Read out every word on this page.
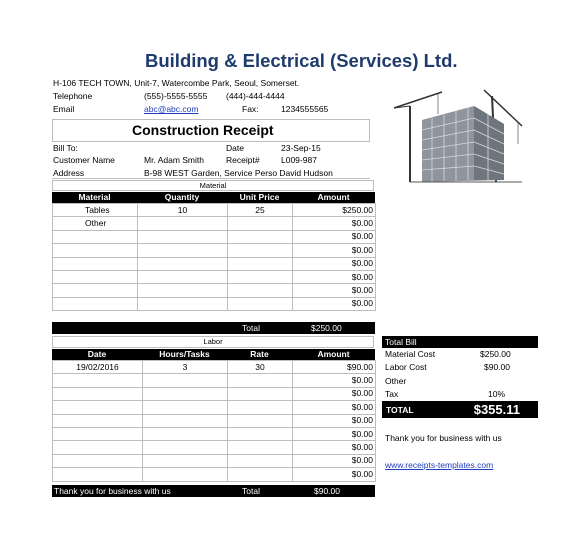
Building & Electrical (Services) Ltd.
H-106 TECH TOWN, Unit-7, Watercombe Park, Seoul, Somerset.
Telephone	(555)-5555-5555 (444)-444-4444
Email	abc@abc.com	Fax:	1234555565
Construction Receipt
Bill To:	Date	23-Sep-15
Customer Name	Mr. Adam Smith	Receipt#	L009-987
Address	B-98 WEST Garden, Service Perso David Hudson
Material
Material	Quantity	Unit Price	Amount
Tables	10	25	$250.00
Other			$0.00
			$0.00
			$0.00
			$0.00
			$0.00
			$0.00
			$0.00
Total	$250.00
Labor
Date	Hours/Tasks	Rate	Amount
19/02/2016	3	30	$90.00
			$0.00
			$0.00
			$0.00
			$0.00
			$0.00
			$0.00
			$0.00
			$0.00
Thank you for business with us	Total	$90.00
Total Bill
Material Cost	$250.00
Labor Cost	$90.00
Other
Tax	10%
TOTAL	$355.11
Thank you for business with us
www.receipts-templates.com
